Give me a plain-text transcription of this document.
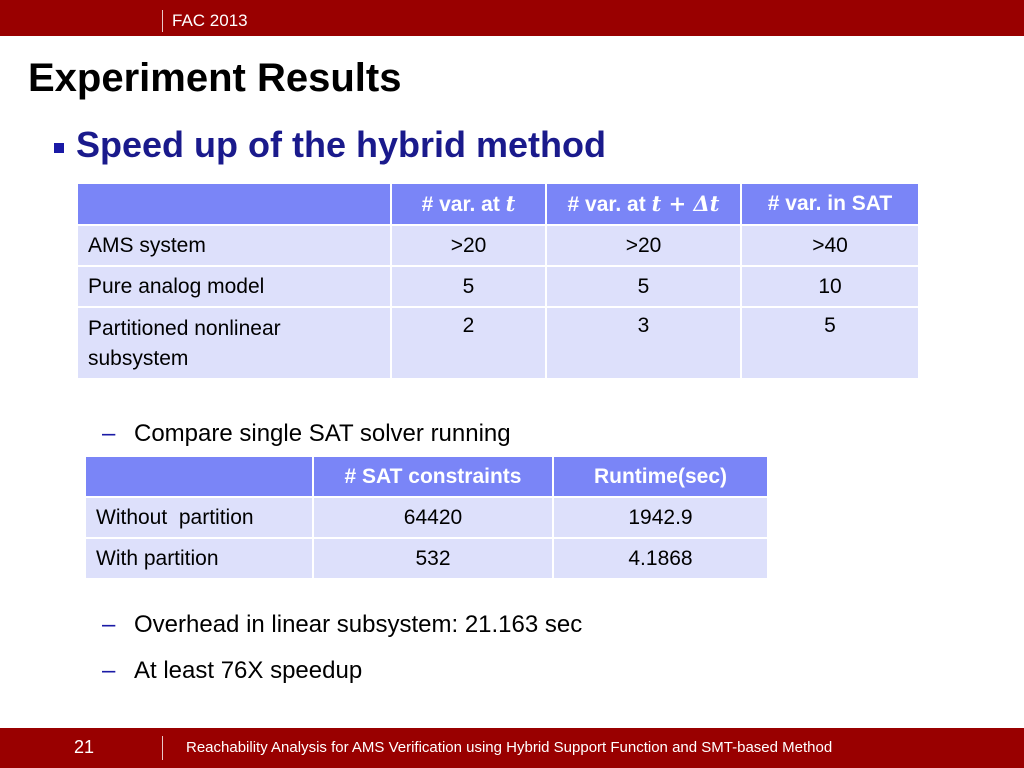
FAC 2013
Experiment Results
Speed up of the hybrid method
	# var. at t	# var. at t + Δt	# var. in SAT
AMS system	>20	>20	>40
Pure analog model	5	5	10
Partitioned nonlinear subsystem	2	3	5
– Compare single SAT solver running
	# SAT constraints	Runtime(sec)
Without  partition	64420	1942.9
With partition	532	4.1868
– Overhead in linear subsystem: 21.163 sec
– At least 76X speedup
21	Reachability Analysis for AMS Verification using Hybrid Support Function and SMT-based Method
